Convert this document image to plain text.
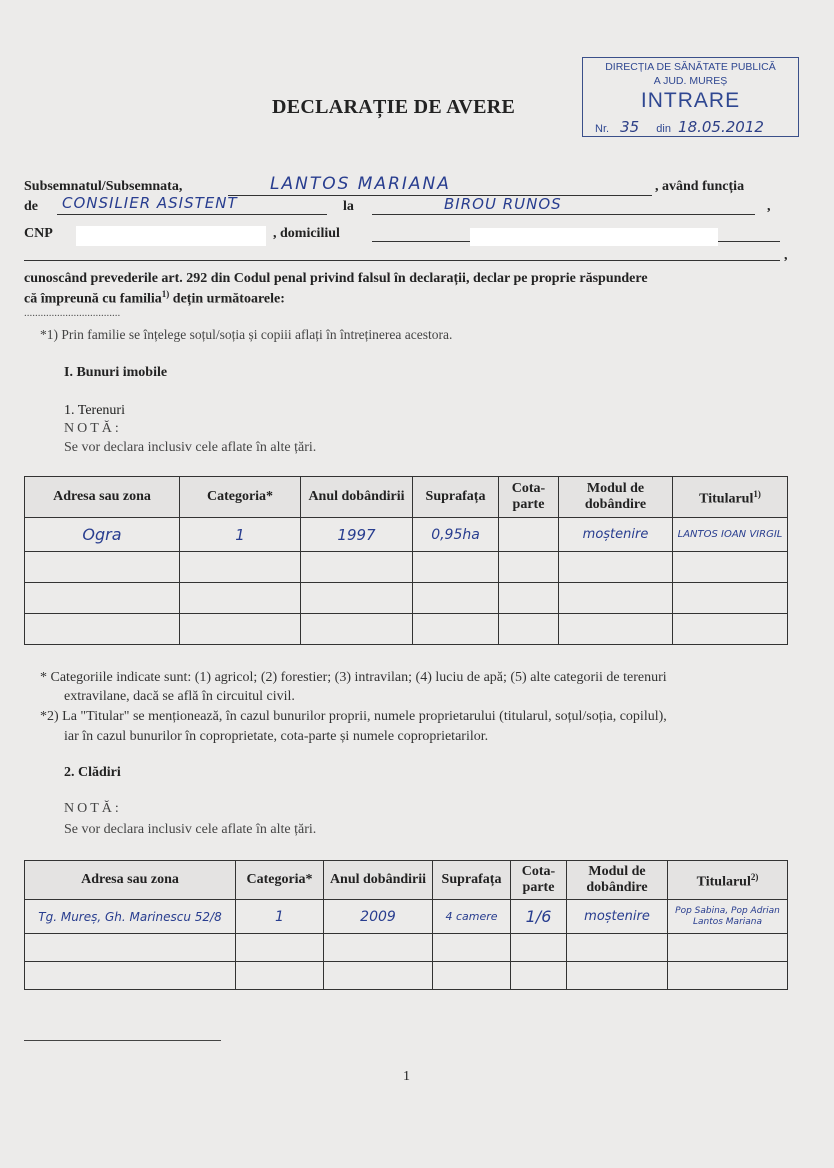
DECLARAȚIE DE AVERE
DIRECȚIA DE SĂNĂTATE PUBLICĂ
A JUD. MUREȘ
INTRARE
Nr. 35 din 18.05.2012
Subsemnatul/Subsemnata,	LANTOS MARIANA	, având funcția
de CONSILIER ASISTENT	la	BIROU RUNOS	,
CNP	, domiciliul
,
cunoscând prevederile art. 292 din Codul penal privind falsul în declarații, declar pe proprie răspundere
că împreună cu familia$^{1)}$ dețin următoarele:
...................................
*1) Prin familie se înțelege soțul/soția și copiii aflați în întreținerea acestora.
I. Bunuri imobile
1. Terenuri
NOTĂ:
Se vor declara inclusiv cele aflate în alte țări.
Adresa sau zona	Categoria*	Anul dobândirii	Suprafața	Cota-parte	Modul de dobândire	Titularul$^{1)}$
Ogra	1	1997	0,95ha		moștenire	LANTOS IOAN VIRGIL

* Categoriile indicate sunt: (1) agricol; (2) forestier; (3) intravilan; (4) luciu de apă; (5) alte categorii de terenuri
extravilane, dacă se află în circuitul civil.
*2) La "Titular" se menționează, în cazul bunurilor proprii, numele proprietarului (titularul, soțul/soția, copilul),
iar în cazul bunurilor în coproprietate, cota-parte și numele coproprietarilor.
2. Clădiri
NOTĂ:
Se vor declara inclusiv cele aflate în alte țări.
Adresa sau zona	Categoria*	Anul dobândirii	Suprafața	Cota-parte	Modul de dobândire	Titularul$^{2)}$
Tg. Mureș, Gh. Marinescu 52/8	1	2009	4 camere	1/6	moștenire	Pop Sabina, Pop Adrian Lantos Mariana

1
